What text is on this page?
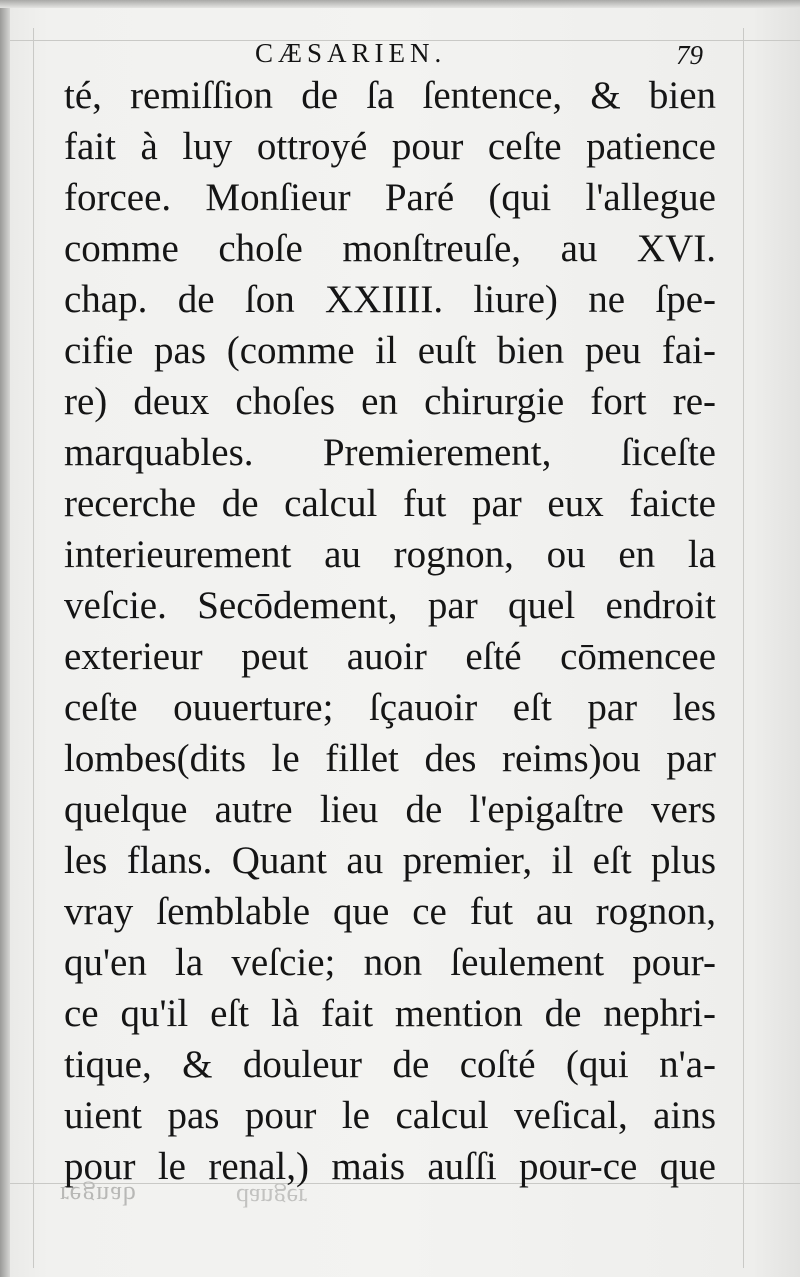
CÆSARIEN.	79
té, remiſſion de ſa ſentence, & bien
fait à luy ottroyé pour ceſte patience
forcee. Monſieur Paré (qui l'allegue
comme choſe monſtreuſe, au XVI.
chap. de ſon XXIIII. liure) ne ſpe-
cifie pas (comme il euſt bien peu fai-
re) deux choſes en chirurgie fort re-
marquables. Premierement, ſiceſte
recerche de calcul fut par eux faicte
interieurement au rognon, ou en la
veſcie. Secōdement, par quel endroit
exterieur peut auoir eſté cōmencee
ceſte ouuerture; ſçauoir eſt par les
lombes(dits le fillet des reims)ou par
quelque autre lieu de l'epigaſtre vers
les flans. Quant au premier, il eſt plus
vray ſemblable que ce fut au rognon,
qu'en la veſcie; non ſeulement pour-
ce qu'il eſt là fait mention de nephri-
tique, & douleur de coſté (qui n'a-
uient pas pour le calcul veſical, ains
pour le renal,) mais auſſi pour-ce que
regnab	danger
